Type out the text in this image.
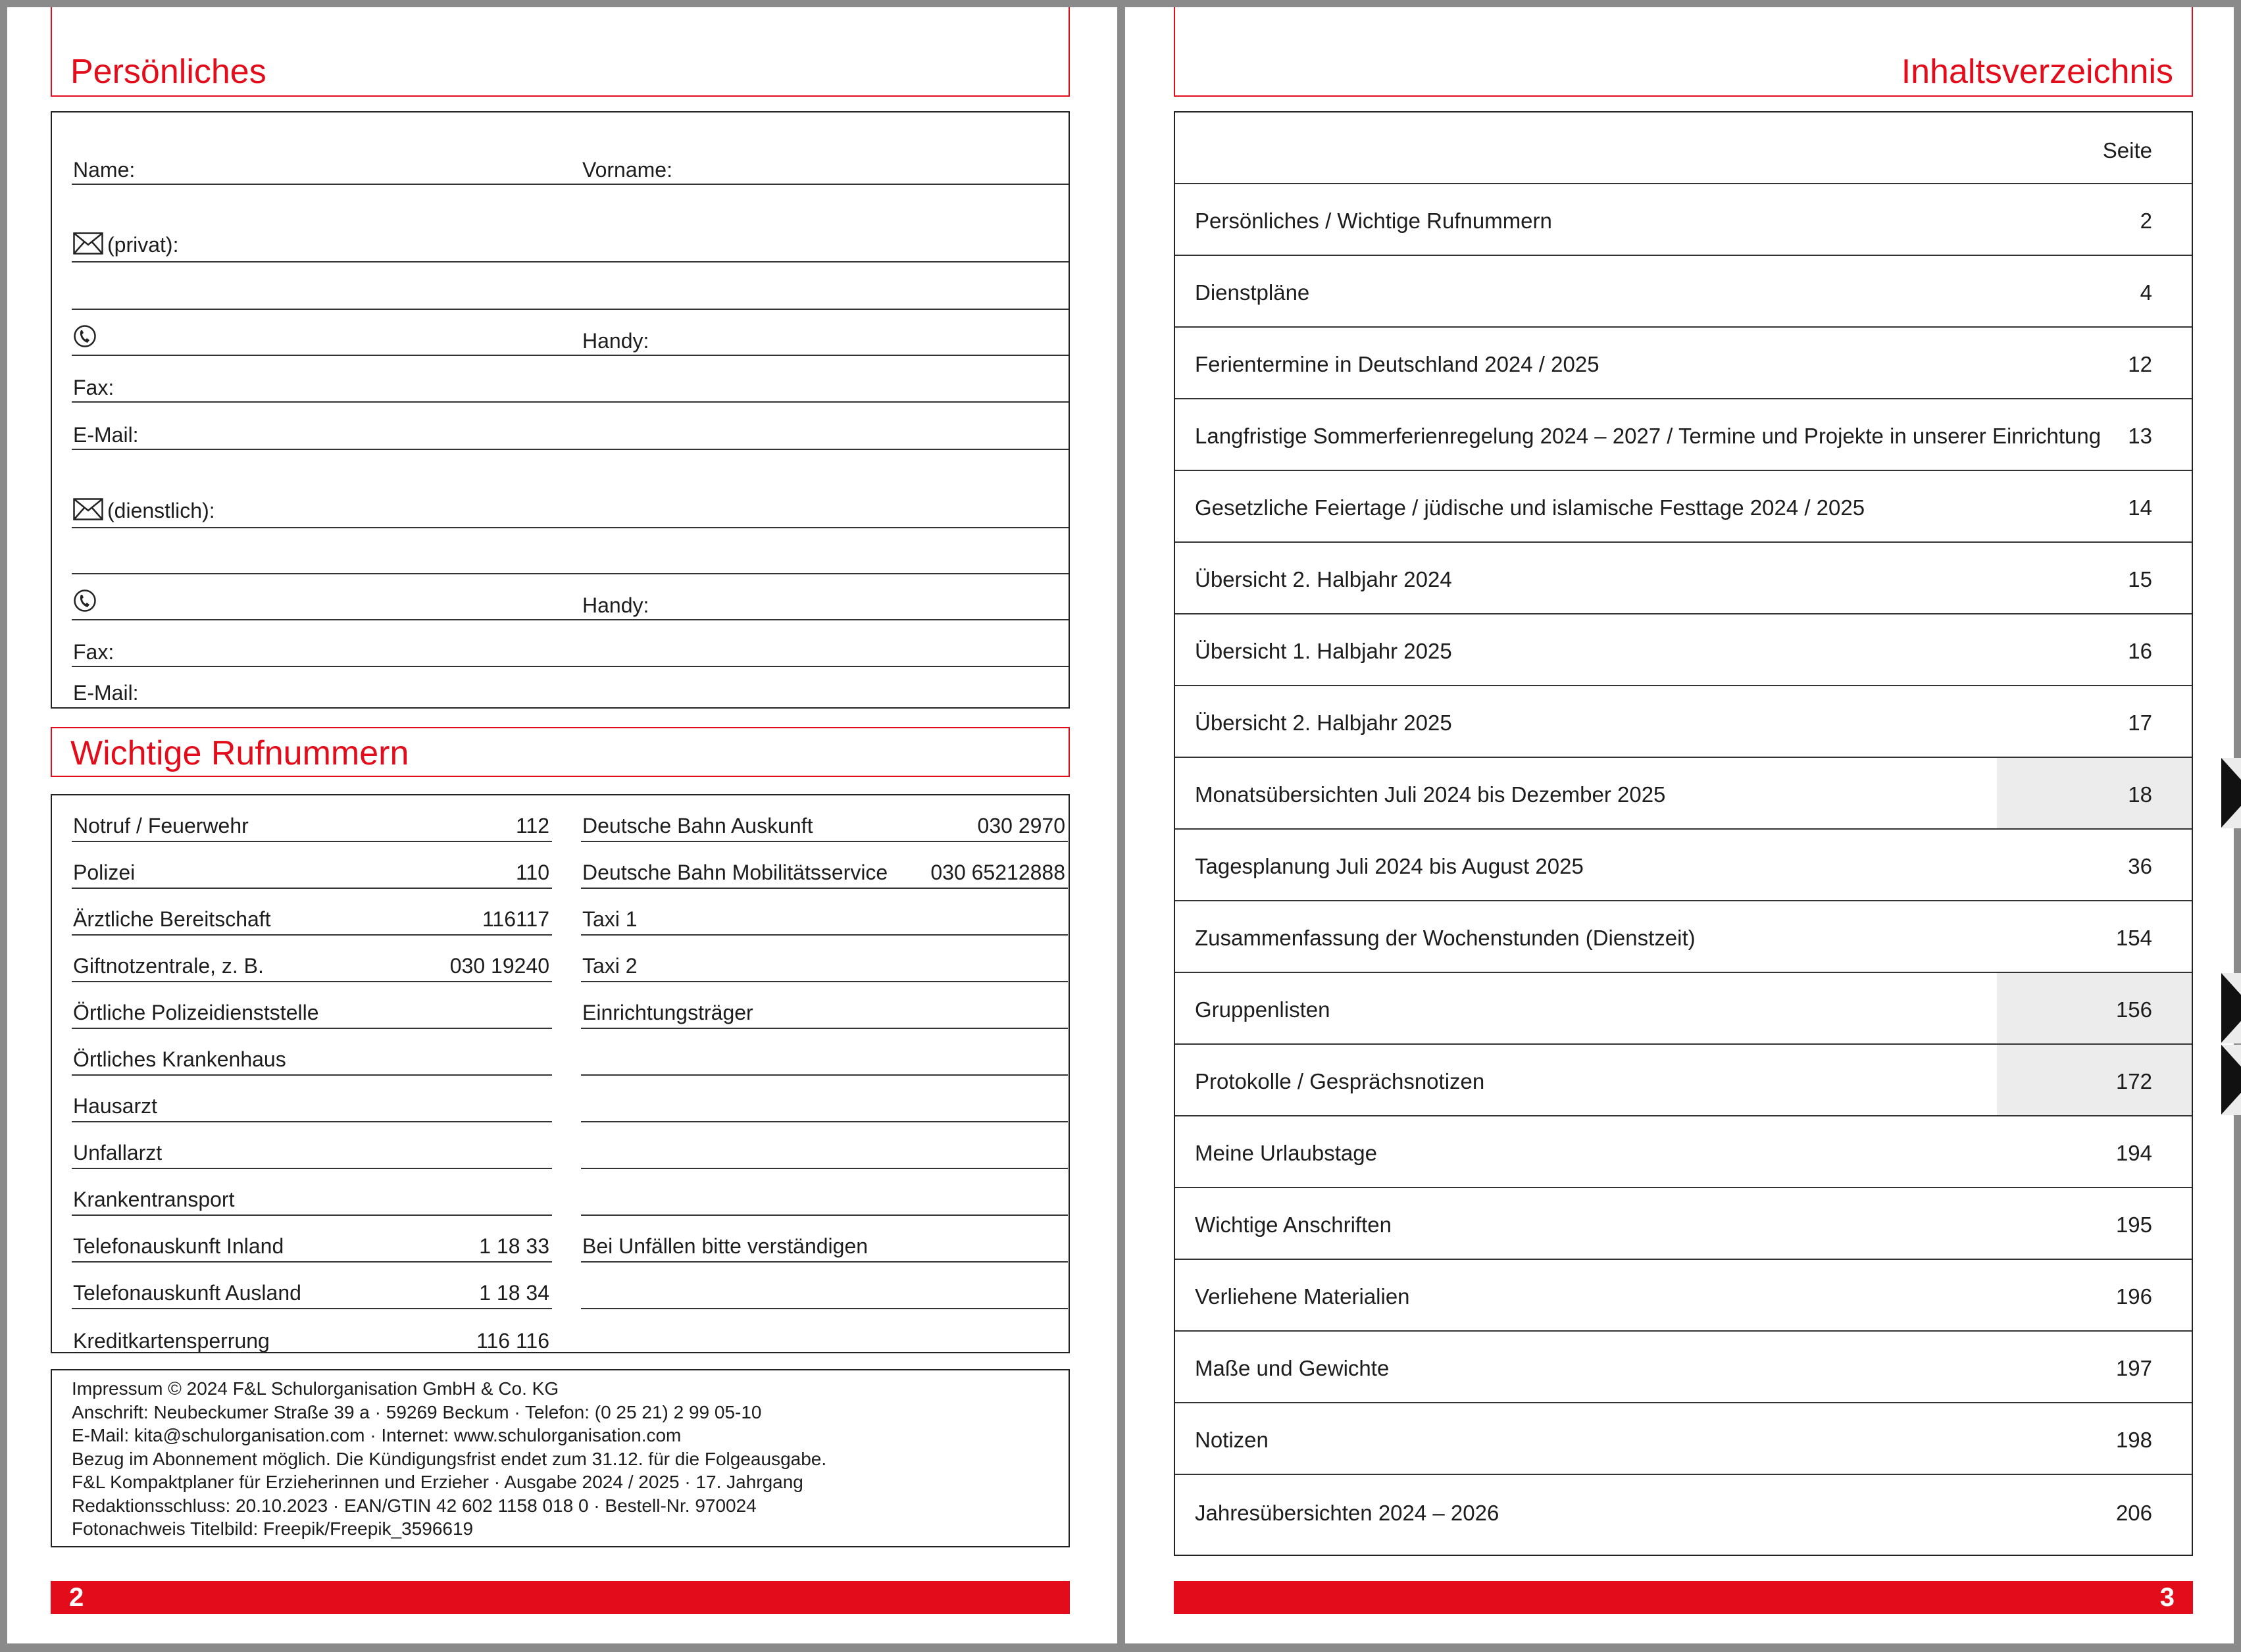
Persönliches
Name:	Vorname:
(privat):
Handy:
Fax:
E-Mail:
(dienstlich):
Handy:
Fax:
E-Mail:
Wichtige Rufnummern
Notruf / Feuerwehr	112
Polizei	110
Ärztliche Bereitschaft	116117
Giftnotzentrale, z. B.	030 19240
Örtliche Polizeidienststelle
Örtliches Krankenhaus
Hausarzt
Unfallarzt
Krankentransport
Telefonauskunft Inland	1 18 33
Telefonauskunft Ausland	1 18 34
Kreditkartensperrung	116 116
Deutsche Bahn Auskunft	030 2970
Deutsche Bahn Mobilitätsservice 030 65212888
Taxi 1
Taxi 2
Einrichtungsträger
Bei Unfällen bitte verständigen
Impressum © 2024 F&L Schulorganisation GmbH & Co. KG
Anschrift: Neubeckumer Straße 39 a · 59269 Beckum · Telefon: (0 25 21) 2 99 05-10
E-Mail: kita@schulorganisation.com · Internet: www.schulorganisation.com
Bezug im Abonnement möglich. Die Kündigungsfrist endet zum 31.12. für die Folgeausgabe.
F&L Kompaktplaner für Erzieherinnen und Erzieher · Ausgabe 2024 / 2025 · 17. Jahrgang
Redaktionsschluss: 20.10.2023 · EAN/GTIN 42 602 1158 018 0 · Bestell-Nr. 970024
Fotonachweis Titelbild: Freepik/Freepik_3596619
2
Inhaltsverzeichnis
Seite
Persönliches / Wichtige Rufnummern	2
Dienstpläne	4
Ferientermine in Deutschland 2024 / 2025	12
Langfristige Sommerferienregelung 2024 – 2027 / Termine und Projekte in unserer Einrichtung 13
Gesetzliche Feiertage / jüdische und islamische Festtage 2024 / 2025	14
Übersicht 2. Halbjahr 2024	15
Übersicht 1. Halbjahr 2025	16
Übersicht 2. Halbjahr 2025	17
Monatsübersichten Juli 2024 bis Dezember 2025	18
Tagesplanung Juli 2024 bis August 2025	36
Zusammenfassung der Wochenstunden (Dienstzeit)	154
Gruppenlisten	156
Protokolle / Gesprächsnotizen	172
Meine Urlaubstage	194
Wichtige Anschriften	195
Verliehene Materialien	196
Maße und Gewichte	197
Notizen	198
Jahresübersichten 2024 – 2026	206
3
